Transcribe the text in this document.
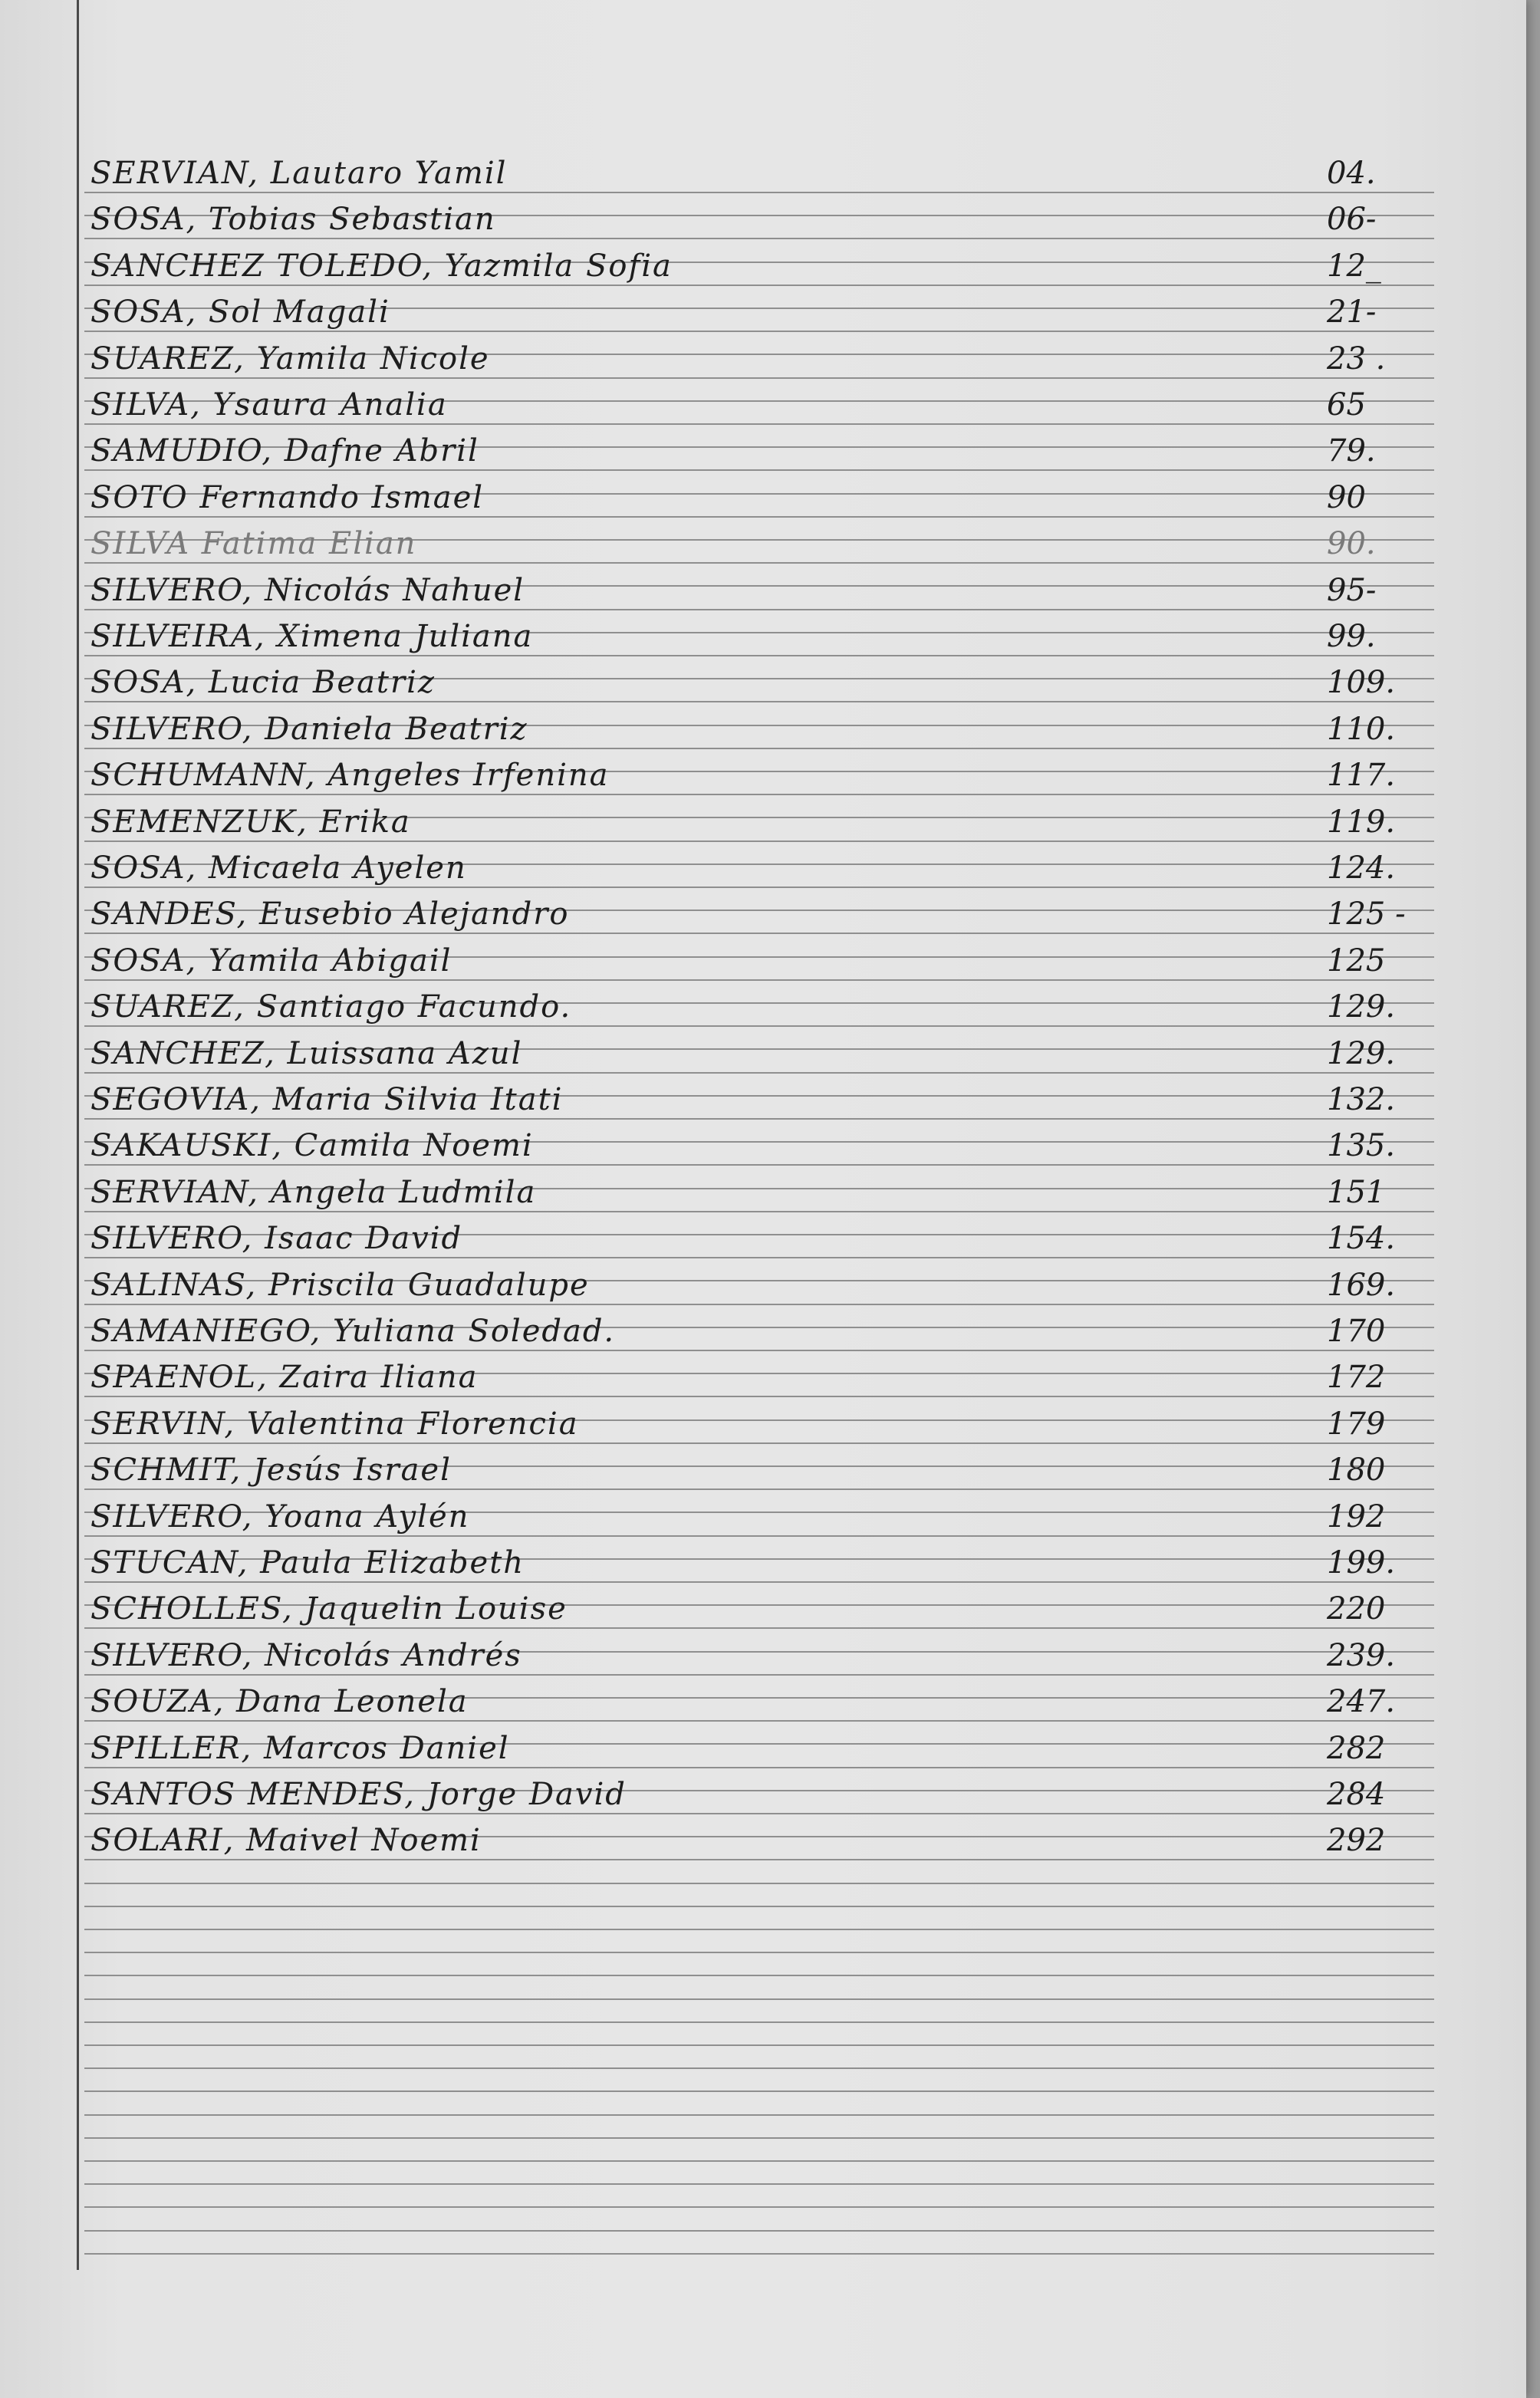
SERVIAN, Lautaro Yamil	04.
SOSA, Tobias Sebastian	06-
SANCHEZ TOLEDO, Yazmila Sofia	12_
SOSA, Sol Magali	21-
SUAREZ, Yamila Nicole	23 .
SILVA, Ysaura Analia	65
SAMUDIO, Dafne Abril	79.
SOTO Fernando Ismael	90
SILVA Fatima Elian	90.
SILVERO, Nicolás Nahuel	95-
SILVEIRA, Ximena Juliana	99.
SOSA, Lucia Beatriz	109.
SILVERO, Daniela Beatriz	110.
SCHUMANN, Angeles Irfenina	117.
SEMENZUK, Erika	119.
SOSA, Micaela Ayelen	124.
SANDES, Eusebio Alejandro	125 -
SOSA, Yamila Abigail	125
SUAREZ, Santiago Facundo.	129.
SANCHEZ, Luissana Azul	129.
SEGOVIA, Maria Silvia Itati	132.
SAKAUSKI, Camila Noemi	135.
SERVIAN, Angela Ludmila	151
SILVERO, Isaac David	154.
SALINAS, Priscila Guadalupe	169.
SAMANIEGO, Yuliana Soledad.	170
SPAENOL, Zaira Iliana	172
SERVIN, Valentina Florencia	179
SCHMIT, Jesús Israel	180
SILVERO, Yoana Aylén	192
STUCAN, Paula Elizabeth	199.
SCHOLLES, Jaquelin Louise	220
SILVERO, Nicolás Andrés	239.
SOUZA, Dana Leonela	247.
SPILLER, Marcos Daniel	282
SANTOS MENDES, Jorge David	284
SOLARI, Maivel Noemi	292
